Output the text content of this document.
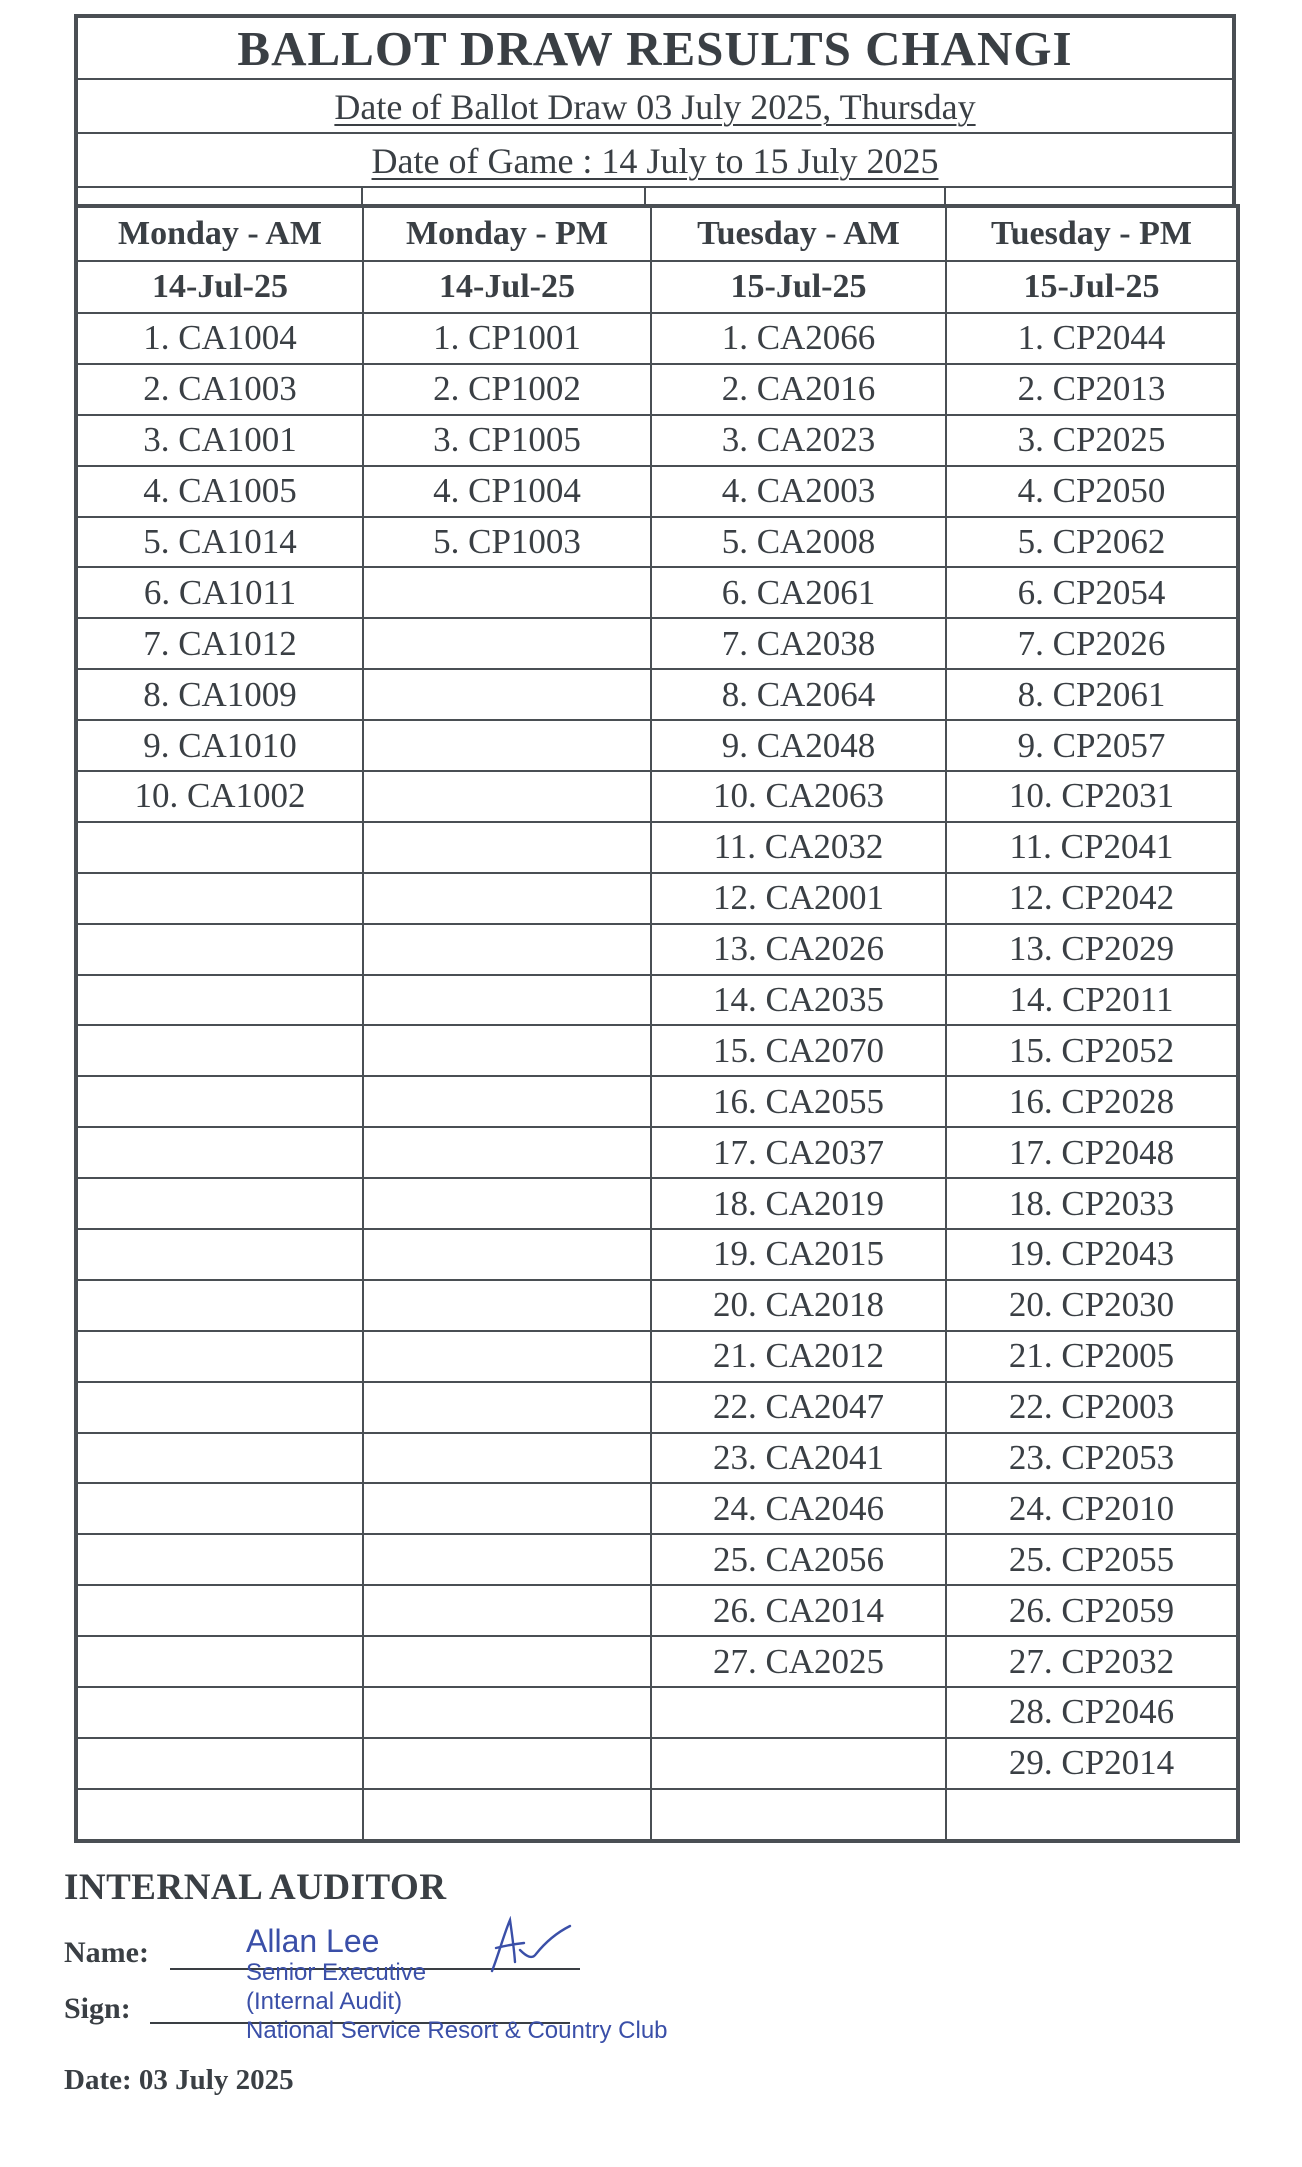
BALLOT DRAW RESULTS CHANGI
Date of Ballot Draw 03 July 2025, Thursday
Date of Game : 14 July to 15 July 2025
Monday - AM	Monday - PM	Tuesday - AM	Tuesday - PM
14-Jul-25	14-Jul-25	15-Jul-25	15-Jul-25
1. CA1004	1. CP1001	1. CA2066	1. CP2044
2. CA1003	2. CP1002	2. CA2016	2. CP2013
3. CA1001	3. CP1005	3. CA2023	3. CP2025
4. CA1005	4. CP1004	4. CA2003	4. CP2050
5. CA1014	5. CP1003	5. CA2008	5. CP2062
6. CA1011		6. CA2061	6. CP2054
7. CA1012		7. CA2038	7. CP2026
8. CA1009		8. CA2064	8. CP2061
9. CA1010		9. CA2048	9. CP2057
10. CA1002		10. CA2063	10. CP2031
		11. CA2032	11. CP2041
		12. CA2001	12. CP2042
		13. CA2026	13. CP2029
		14. CA2035	14. CP2011
		15. CA2070	15. CP2052
		16. CA2055	16. CP2028
		17. CA2037	17. CP2048
		18. CA2019	18. CP2033
		19. CA2015	19. CP2043
		20. CA2018	20. CP2030
		21. CA2012	21. CP2005
		22. CA2047	22. CP2003
		23. CA2041	23. CP2053
		24. CA2046	24. CP2010
		25. CA2056	25. CP2055
		26. CA2014	26. CP2059
		27. CA2025	27. CP2032
			28. CP2046
			29. CP2014

INTERNAL AUDITOR
Name:
Sign:
Date: 03 July 2025
Allan Lee
Senior Executive
(Internal Audit)
National Service Resort & Country Club
